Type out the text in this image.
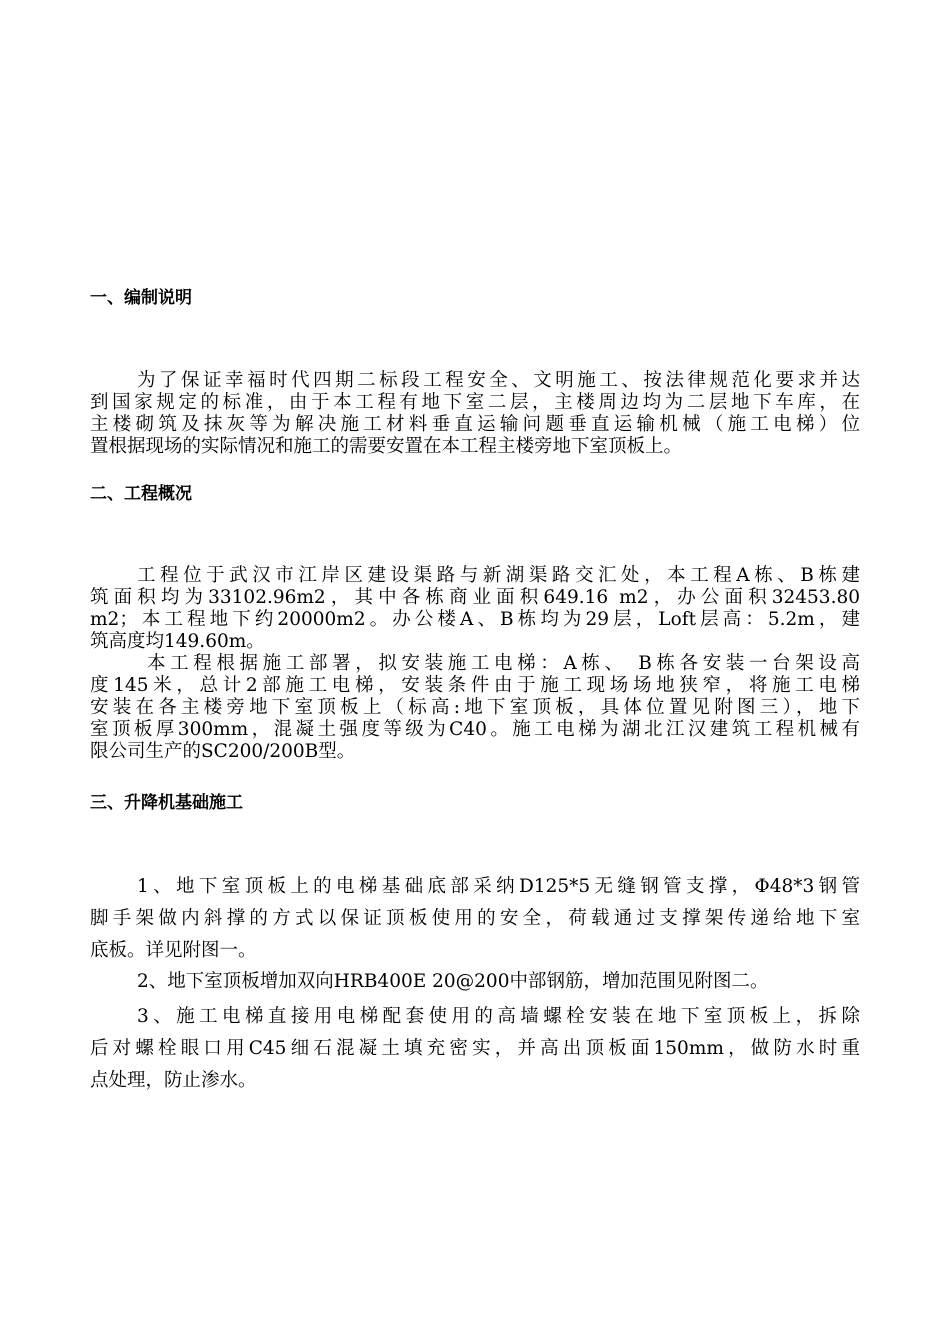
一、编制说明
为了保证幸福时代四期二标段工程安全、文明施工、按法律规范化要求并达
到国家规定的标准，由于本工程有地下室二层，主楼周边均为二层地下车库，在
主楼砌筑及抹灰等为解决施工材料垂直运输问题垂直运输机械（施工电梯）位
置根据现场的实际情况和施工的需要安置在本工程主楼旁地下室顶板上。
二、工程概况
工程位于武汉市江岸区建设渠路与新湖渠路交汇处，本工程A栋、B栋建
筑面积均为33102.96m2，其中各栋商业面积649.16 m2，办公面积32453.80
m2；本工程地下约20000m2。办公楼A、B栋均为29层，Loft层高：5.2m，建
筑高度均149.60m。
本工程根据施工部署，拟安装施工电梯：A栋、 B栋各安装一台架设高
度145米，总计2部施工电梯，安装条件由于施工现场场地狭窄，将施工电梯
安装在各主楼旁地下室顶板上（标高:地下室顶板，具体位置见附图三），地下
室顶板厚300mm，混凝土强度等级为C40。施工电梯为湖北江汉建筑工程机械有
限公司生产的SC200/200B型。
三、升降机基础施工
1、地下室顶板上的电梯基础底部采纳D125*5无缝钢管支撑，Φ48*3钢管
脚手架做内斜撑的方式以保证顶板使用的安全，荷载通过支撑架传递给地下室
底板。详见附图一。
2、地下室顶板增加双向HRB400E 20@200中部钢筋，增加范围见附图二。
3、施工电梯直接用电梯配套使用的高墙螺栓安装在地下室顶板上，拆除
后对螺栓眼口用C45细石混凝土填充密实，并高出顶板面150mm，做防水时重
点处理，防止渗水。
